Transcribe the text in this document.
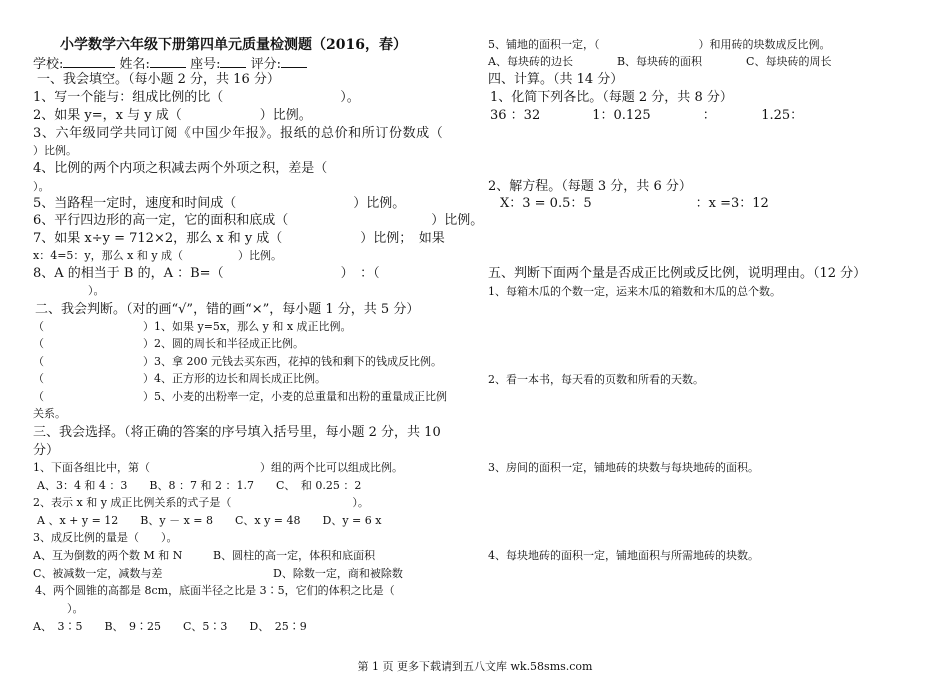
小学数学六年级下册第四单元质量检测题（2016，春）
学校:	姓名:	座号: 评分:
一、我会填空。（每小题 2 分，共 16 分）
1、写一个能与：组成比例的比（　　　　　　　　　）。
2、如果 y=，x 与 y 成（　　　　　　）比例。
3、六年级同学共同订阅《中国少年报》。报纸的总价和所订份数成（
）比例。
4、比例的两个内项之积减去两个外项之积，差是（
）。
5、当路程一定时，速度和时间成（　　　　　　　　　）比例。
6、平行四边形的高一定，它的面积和底成（　　　　　　　　　　　）比例。
7、如果 x÷y = 712×2，那么 x 和 y 成（　　　　　　）比例；　如果
x：4=5：y，那么 x 和 y 成（　　　　　）比例。
8、A 的相当于 B 的，A ：B=（　　　　　　　　　）　：（
）。
二、我会判断。（对的画“√”，错的画“×”，每小题 1 分，共 5 分）
（　　　　　　　　　）1、如果 y=5x，那么 y 和 x 成正比例。
（　　　　　　　　　）2、圆的周长和半径成正比例。
（　　　　　　　　　）3、拿 200 元钱去买东西，花掉的钱和剩下的钱成反比例。
（　　　　　　　　　）4、正方形的边长和周长成正比例。
（　　　　　　　　　）5、小麦的出粉率一定，小麦的总重量和出粉的重量成正比例
关系。
三、我会选择。（将正确的答案的序号填入括号里，每小题 2 分，共 10
分）
1、下面各组比中，第（　　　　　　　　　　）组的两个比可以组成比例。
A、3：4 和 4 ：3　　B、8 ：7 和 2 ：1.7　　C、　和 0.25 ：2
2、表示 x 和 y 成正比例关系的式子是（　　　　　　　　　　　）。
A 、x + y = 12　　B、y － x = 8　　C、x y = 48　　D、y = 6 x
3、成反比例的量是（　　）。
A、互为倒数的两个数 M 和 N	B、圆柱的高一定，体积和底面积
C、被减数一定，减数与差	D、除数一定，商和被除数
4、两个圆锥的高都是 8cm，底面半径之比是 3∶5，它们的体积之比是（
）。
A、　3∶5　　B、　9∶25　　C、5∶3　　D、　25∶9
5、铺地的面积一定，（　　　　　　　　　）和用砖的块数成反比例。
A、每块砖的边长　　　　B、每块砖的面积　　　　C、每块砖的周长
四、计算。（共 14 分）
1、化简下列各比。（每题 2 分，共 8 分）
36 ：32　　　　1：0.125　　　　：　　　　1.25：
2、解方程。（每题 3 分，共 6 分）
Ⅹ：3 = 0.5：5　　　　　　　　：x =3：12
五、判断下面两个量是否成正比例或反比例，说明理由。（12 分）
1、每箱木瓜的个数一定，运来木瓜的箱数和木瓜的总个数。
2、看一本书，每天看的页数和所看的天数。
3、房间的面积一定，铺地砖的块数与每块地砖的面积。
4、每块地砖的面积一定，铺地面积与所需地砖的块数。
第 1 页 更多下载请到五八文库 wk.58sms.com
